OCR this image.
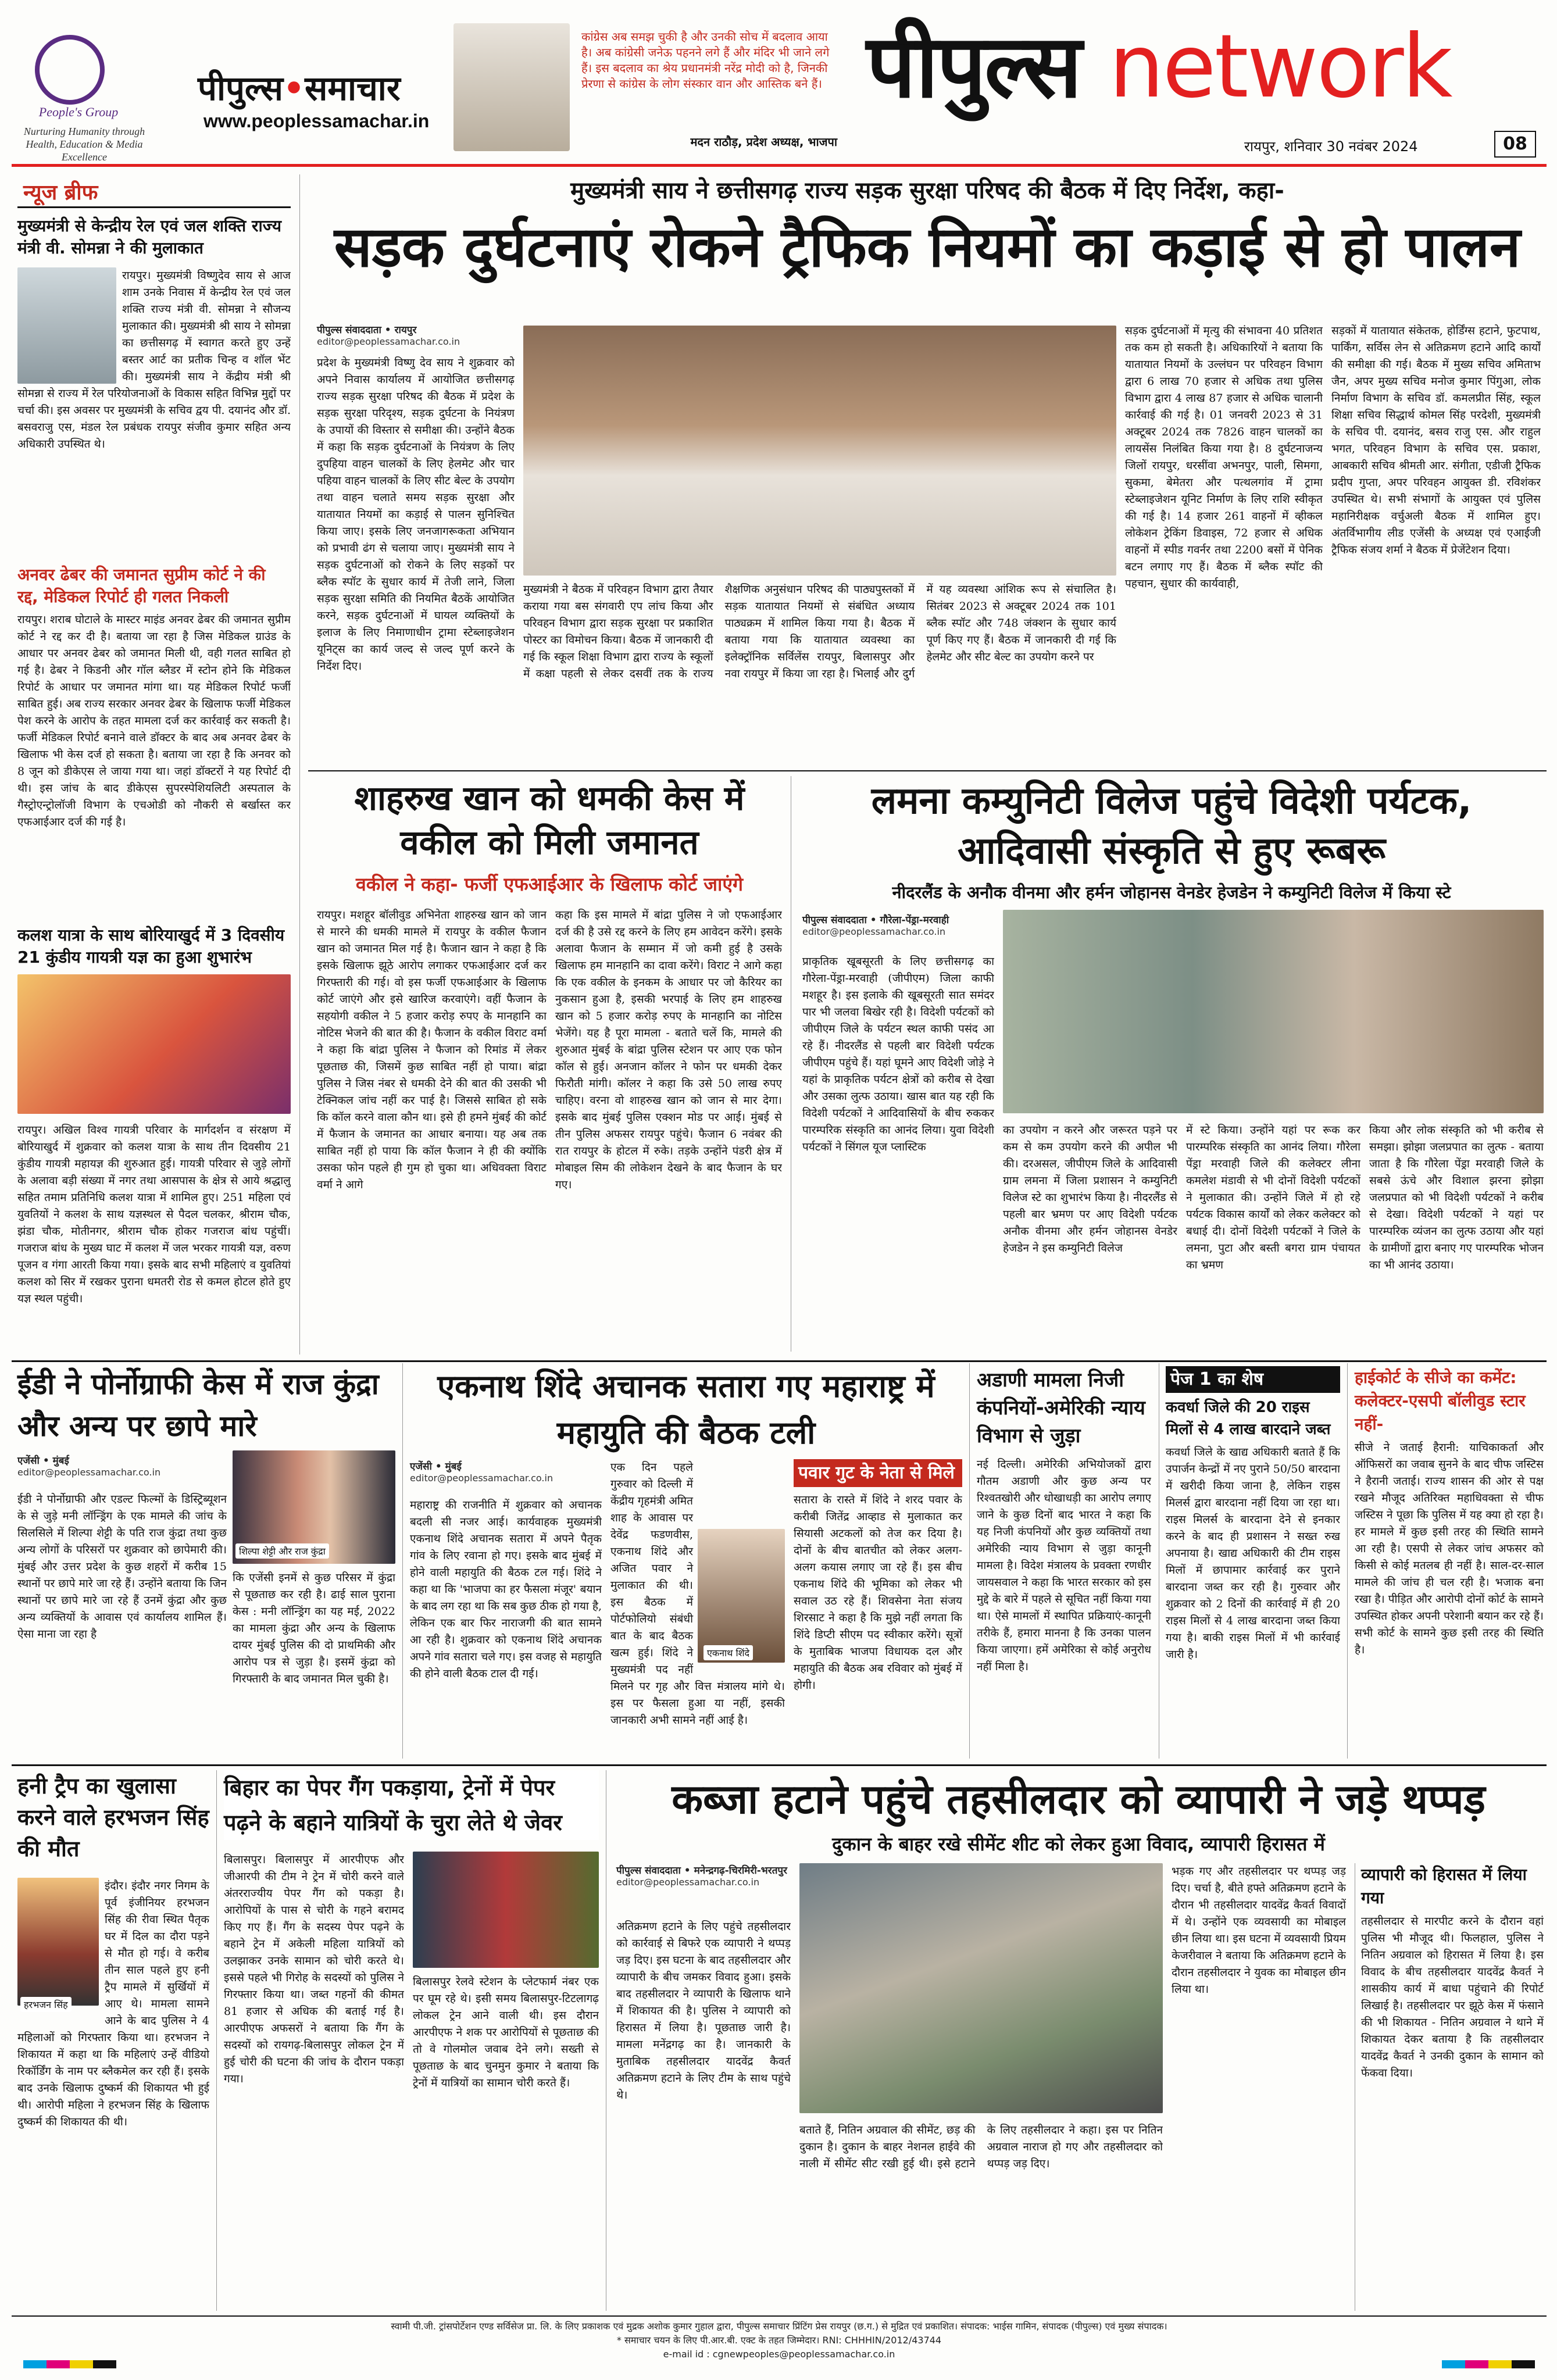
People's Group
Nurturing Humanity through Health, Education & Media Excellence
पीपुल्स•समाचार
www.peoplessamachar.in
कांग्रेस अब समझ चुकी है और उनकी सोच में बदलाव आया है। अब कांग्रेसी जनेऊ पहनने लगे हैं और मंदिर भी जाने लगे हैं। इस बदलाव का श्रेय प्रधानमंत्री नरेंद्र मोदी को है, जिनकी प्रेरणा से कांग्रेस के लोग संस्कार वान और आस्तिक बने हैं।
मदन राठौड़, प्रदेश अध्यक्ष, भाजपा
पीपुल्स network
रायपुर, शनिवार 30 नवंबर 2024	08
न्यूज ब्रीफ
मुख्यमंत्री से केन्द्रीय रेल एवं जल शक्ति राज्य मंत्री वी. सोमन्ना ने की मुलाकात
रायपुर। मुख्यमंत्री विष्णुदेव साय से आज शाम उनके निवास में केन्द्रीय रेल एवं जल शक्ति राज्य मंत्री वी. सोमन्ना ने सौजन्य मुलाकात की। मुख्यमंत्री श्री साय ने सोमन्ना का छत्तीसगढ़ में स्वागत करते हुए उन्हें बस्तर आर्ट का प्रतीक चिन्ह व शॉल भेंट की। मुख्यमंत्री साय ने केंद्रीय मंत्री श्री सोमन्ना से राज्य में रेल परियोजनाओं के विकास सहित विभिन्न मुद्दों पर चर्चा की। इस अवसर पर मुख्यमंत्री के सचिव द्वय पी. दयानंद और डॉ. बसवराजु एस, मंडल रेल प्रबंधक रायपुर संजीव कुमार सहित अन्य अधिकारी उपस्थित थे।
अनवर ढेबर की जमानत सुप्रीम कोर्ट ने की रद्द, मेडिकल रिपोर्ट ही गलत निकली
रायपुर। शराब घोटाले के मास्टर माइंड अनवर ढेबर की जमानत सुप्रीम कोर्ट ने रद्द कर दी है। बताया जा रहा है जिस मेडिकल ग्राउंड के आधार पर अनवर ढेबर को जमानत मिली थी, वही गलत साबित हो गई है। ढेबर ने किडनी और गॉल ब्लैडर में स्टोन होने कि मेडिकल रिपोर्ट के आधार पर जमानत मांगा था। यह मेडिकल रिपोर्ट फर्जी साबित हुई। अब राज्य सरकार अनवर ढेबर के खिलाफ फर्जी मेडिकल पेश करने के आरोप के तहत मामला दर्ज कर कार्रवाई कर सकती है। फर्जी मेडिकल रिपोर्ट बनाने वाले डॉक्टर के बाद अब अनवर ढेबर के खिलाफ भी केस दर्ज हो सकता है। बताया जा रहा है कि अनवर को 8 जून को डीकेएस ले जाया गया था। जहां डॉक्टरों ने यह रिपोर्ट दी थी। इस जांच के बाद डीकेएस सुपरस्पेशियलिटी अस्पताल के गैस्ट्रोएन्ट्रोलॉजी विभाग के एचओडी को नौकरी से बर्खास्त कर एफआईआर दर्ज की गई है।
कलश यात्रा के साथ बोरियाखुर्द में 3 दिवसीय 21 कुंडीय गायत्री यज्ञ का हुआ शुभारंभ
रायपुर। अखिल विश्व गायत्री परिवार के मार्गदर्शन व संरक्षण में बोरियाखुर्द में शुक्रवार को कलश यात्रा के साथ तीन दिवसीय 21 कुंडीय गायत्री महायज्ञ की शुरुआत हुई। गायत्री परिवार से जुड़े लोगों के अलावा बड़ी संख्या में नगर तथा आसपास के क्षेत्र से आये श्रद्धालु सहित तमाम प्रतिनिधि कलश यात्रा में शामिल हुए। 251 महिला एवं युवतियों ने कलश के साथ यज्ञस्थल से पैदल चलकर, श्रीराम चौक, झंडा चौक, मोतीनगर, श्रीराम चौक होकर गजराज बांध पहुंचीं। गजराज बांध के मुख्य घाट में कलश में जल भरकर गायत्री यज्ञ, वरुण पूजन व गंगा आरती किया गया। इसके बाद सभी महिलाएं व युवतियां कलश को सिर में रखकर पुराना धमतरी रोड से कमल होटल होते हुए यज्ञ स्थल पहुंची।
मुख्यमंत्री साय ने छत्तीसगढ़ राज्य सड़क सुरक्षा परिषद की बैठक में दिए निर्देश, कहा-
सड़क दुर्घटनाएं रोकने ट्रैफिक नियमों का कड़ाई से हो पालन
पीपुल्स संवाददाता • रायपुर
editor@peoplessamachar.co.in
प्रदेश के मुख्यमंत्री विष्णु देव साय ने शुक्रवार को अपने निवास कार्यालय में आयोजित छत्तीसगढ़ राज्य सड़क सुरक्षा परिषद की बैठक में प्रदेश के सड़क सुरक्षा परिदृश्य, सड़क दुर्घटना के नियंत्रण के उपायों की विस्तार से समीक्षा की। उन्होंने बैठक में कहा कि सड़क दुर्घटनाओं के नियंत्रण के लिए दुपहिया वाहन चालकों के लिए हेलमेट और चार पहिया वाहन चालकों के लिए सीट बेल्ट के उपयोग तथा वाहन चलाते समय सड़क सुरक्षा और यातायात नियमों का कड़ाई से पालन सुनिश्चित किया जाए। इसके लिए जनजागरूकता अभियान को प्रभावी ढंग से चलाया जाए। मुख्यमंत्री साय ने सड़क दुर्घटनाओं को रोकने के लिए सड़कों पर ब्लैक स्पॉट के सुधार कार्य में तेजी लाने, जिला सड़क सुरक्षा समिति की नियमित बैठकें आयोजित करने, सड़क दुर्घटनाओं में घायल व्यक्तियों के इलाज के लिए निमाणाधीन ट्रामा स्टेब्लाइजेशन यूनिट्स का कार्य जल्द से जल्द पूर्ण करने के निर्देश दिए।
मुख्यमंत्री ने बैठक में परिवहन विभाग द्वारा तैयार कराया गया बस संगवारी एप लांच किया और परिवहन विभाग द्वारा सड़क सुरक्षा पर प्रकाशित पोस्टर का विमोचन किया। बैठक में जानकारी दी गई कि स्कूल शिक्षा विभाग द्वारा राज्य के स्कूलों में कक्षा पहली से लेकर दसवीं तक के राज्य शैक्षणिक अनुसंधान परिषद की पाठ्यपुस्तकों में सड़क यातायात नियमों से संबंधित अध्याय पाठ्यक्रम में शामिल किया गया है। बैठक में बताया गया कि यातायात व्यवस्था का इलेक्ट्रॉनिक सर्विलेंस रायपुर, बिलासपुर और नवा रायपुर में किया जा रहा है। भिलाई और दुर्ग में यह व्यवस्था आंशिक रूप से संचालित है। सितंबर 2023 से अक्टूबर 2024 तक 101 ब्लैक स्पॉट और 748 जंक्शन के सुधार कार्य पूर्ण किए गए हैं। बैठक में जानकारी दी गई कि हेलमेट और सीट बेल्ट का उपयोग करने पर
सड़क दुर्घटनाओं में मृत्यु की संभावना 40 प्रतिशत तक कम हो सकती है। अधिकारियों ने बताया कि यातायात नियमों के उल्लंघन पर परिवहन विभाग द्वारा 6 लाख 70 हजार से अधिक तथा पुलिस विभाग द्वारा 4 लाख 87 हजार से अधिक चालानी कार्रवाई की गई है। 01 जनवरी 2023 से 31 अक्टूबर 2024 तक 7826 वाहन चालकों का लायसेंस निलंबित किया गया है। 8 दुर्घटनाजन्य जिलों रायपुर, धरसींवा अभनपुर, पाली, सिमगा, सुकमा, बेमेतरा और पत्थलगांव में ट्रामा स्टेब्लाइजेशन यूनिट निर्माण के लिए राशि स्वीकृत की गई है। 14 हजार 261 वाहनों में व्हीकल लोकेशन ट्रेकिंग डिवाइस, 72 हजार से अधिक वाहनों में स्पीड गवर्नर तथा 2200 बसों में पेनिक बटन लगाए गए हैं। बैठक में ब्लैक स्पॉट की पहचान, सुधार की कार्यवाही,
सड़कों में यातायात संकेतक, होर्डिंग्स हटाने, फुटपाथ, पार्किंग, सर्विस लेन से अतिक्रमण हटाने आदि कार्यों की समीक्षा की गई। बैठक में मुख्य सचिव अमिताभ जैन, अपर मुख्य सचिव मनोज कुमार पिंगुआ, लोक निर्माण विभाग के सचिव डॉ. कमलप्रीत सिंह, स्कूल शिक्षा सचिव सिद्धार्थ कोमल सिंह परदेशी, मुख्यमंत्री के सचिव पी. दयानंद, बसव राजु एस. और राहुल भगत, परिवहन विभाग के सचिव एस. प्रकाश, आबकारी सचिव श्रीमती आर. संगीता, एडीजी ट्रैफिक प्रदीप गुप्ता, अपर परिवहन आयुक्त डी. रविशंकर उपस्थित थे। सभी संभागों के आयुक्त एवं पुलिस महानिरीक्षक वर्चुअली बैठक में शामिल हुए। अंतर्विभागीय लीड एजेंसी के अध्यक्ष एवं एआईजी ट्रैफिक संजय शर्मा ने बैठक में प्रेजेंटेशन दिया।
शाहरुख खान को धमकी केस में वकील को मिली जमानत
वकील ने कहा- फर्जी एफआईआर के खिलाफ कोर्ट जाएंगे
रायपुर। मशहूर बॉलीवुड अभिनेता शाहरुख खान को जान से मारने की धमकी मामले में रायपुर के वकील फैजान खान को जमानत मिल गई है। फैजान खान ने कहा है कि इसके खिलाफ झूठे आरोप लगाकर एफआईआर दर्ज कर गिरफ्तारी की गई। वो इस फर्जी एफआईआर के खिलाफ कोर्ट जाएंगे और इसे खारिज करवाएंगे। वहीं फैजान के सहयोगी वकील ने 5 हजार करोड़ रुपए के मानहानि का नोटिस भेजने की बात की है। फैजान के वकील विराट वर्मा ने कहा कि बांद्रा पुलिस ने फैजान को रिमांड में लेकर पूछताछ की, जिसमें कुछ साबित नहीं हो पाया। बांद्रा पुलिस ने जिस नंबर से धमकी देने की बात की उसकी भी टेक्निकल जांच नहीं कर पाई है। जिससे साबित हो सके कि कॉल करने वाला कौन था। इसे ही हमने मुंबई की कोर्ट में फैजान के जमानत का आधार बनाया। यह अब तक साबित नहीं हो पाया कि कॉल फैजान ने ही की क्योंकि उसका फोन पहले ही गुम हो चुका था। अधिवक्ता विराट वर्मा ने आगे
कहा कि इस मामले में बांद्रा पुलिस ने जो एफआईआर दर्ज की है उसे रद्द करने के लिए हम आवेदन करेंगे। इसके अलावा फैजान के सम्मान में जो कमी हुई है उसके खिलाफ हम मानहानि का दावा करेंगे। विराट ने आगे कहा कि एक वकील के इनकम के आधार पर जो कैरियर का नुकसान हुआ है, इसकी भरपाई के लिए हम शाहरुख खान को 5 हजार करोड़ रुपए के मानहानि का नोटिस भेजेंगे। यह है पूरा मामला - बताते चलें कि, मामले की शुरुआत मुंबई के बांद्रा पुलिस स्टेशन पर आए एक फोन कॉल से हुई। अनजान कॉलर ने फोन पर धमकी देकर फिरौती मांगी। कॉलर ने कहा कि उसे 50 लाख रुपए चाहिए। वरना वो शाहरुख खान को जान से मार देगा। इसके बाद मुंबई पुलिस एक्शन मोड पर आई। मुंबई से तीन पुलिस अफसर रायपुर पहुंचे। फैजान 6 नवंबर की रात रायपुर के होटल में रुके। तड़के उन्होंने पंडरी क्षेत्र में मोबाइल सिम की लोकेशन देखने के बाद फैजान के घर गए।
लमना कम्युनिटी विलेज पहुंचे विदेशी पर्यटक, आदिवासी संस्कृति से हुए रूबरू
नीदरलैंड के अनौक वीनमा और हर्मन जोहानस वेनडेर हेजडेन ने कम्युनिटी विलेज में किया स्टे
पीपुल्स संवाददाता • गौरेला-पेंड्रा-मरवाही
editor@peoplessamachar.co.in
प्राकृतिक खूबसूरती के लिए छत्तीसगढ़ का गौरेला-पेंड्रा-मरवाही (जीपीएम) जिला काफी मशहूर है। इस इलाके की खूबसूरती सात समंदर पार भी जलवा बिखेर रही है। विदेशी पर्यटकों को जीपीएम जिले के पर्यटन स्थल काफी पसंद आ रहे हैं। नीदरलैंड से पहली बार विदेशी पर्यटक जीपीएम पहुंचे हैं। यहां घूमने आए विदेशी जोड़े ने यहां के प्राकृतिक पर्यटन क्षेत्रों को करीब से देखा और उसका लुत्फ उठाया। खास बात यह रही कि विदेशी पर्यटकों ने आदिवासियों के बीच रुककर पारम्परिक संस्कृति का आनंद लिया। युवा विदेशी पर्यटकों ने सिंगल यूज प्लास्टिक
का उपयोग न करने और जरूरत पड़ने पर कम से कम उपयोग करने की अपील भी की। दरअसल, जीपीएम जिले के आदिवासी ग्राम लमना में जिला प्रशासन ने कम्युनिटी विलेज स्टे का शुभारंभ किया है। नीदरलैंड से पहली बार भ्रमण पर आए विदेशी पर्यटक अनौक वीनमा और हर्मन जोहानस वेनडेर हेजडेन ने इस कम्युनिटी विलेज
में स्टे किया। उन्होंने यहां पर रूक कर पारम्परिक संस्कृति का आनंद लिया। गौरेला पेंड्रा मरवाही जिले की कलेक्टर लीना कमलेश मंडावी से भी दोनों विदेशी पर्यटकों ने मुलाकात की। उन्होंने जिले में हो रहे पर्यटक विकास कार्यों को लेकर कलेक्टर को बधाई दी। दोनों विदेशी पर्यटकों ने जिले के लमना, पुटा और बस्ती बगरा ग्राम पंचायत का भ्रमण
किया और लोक संस्कृति को भी करीब से समझा। झोझा जलप्रपात का लुत्फ - बताया जाता है कि गौरेला पेंड्रा मरवाही जिले के सबसे ऊंचे और विशाल झरना झोझा जलप्रपात को भी विदेशी पर्यटकों ने करीब से देखा। विदेशी पर्यटकों ने यहां पर पारम्परिक व्यंजन का लुत्फ उठाया और यहां के ग्रामीणों द्वारा बनाए गए पारम्परिक भोजन का भी आनंद उठाया।
ईडी ने पोर्नोग्राफी केस में राज कुंद्रा और अन्य पर छापे मारे
एजेंसी • मुंबई
editor@peoplessamachar.co.in
ईडी ने पोर्नोग्राफी और एडल्ट फिल्मों के डिस्ट्रिब्यूशन के से जुड़े मनी लॉन्ड्रिंग के एक मामले की जांच के सिलसिले में शिल्पा शेट्टी के पति राज कुंद्रा तथा कुछ अन्य लोगों के परिसरों पर शुक्रवार को छापेमारी की। मुंबई और उत्तर प्रदेश के कुछ शहरों में करीब 15 स्थानों पर छापे मारे जा रहे हैं। उन्होंने बताया कि जिन स्थानों पर छापे मारे जा रहे हैं उनमें कुंद्रा और कुछ अन्य व्यक्तियों के आवास एवं कार्यालय शामिल हैं। ऐसा माना जा रहा है
शिल्पा शेट्टी और राज कुंद्रा
कि एजेंसी इनमें से कुछ परिसर में कुंद्रा से पूछताछ कर रही है। ढाई साल पुराना केस : मनी लॉन्ड्रिंग का यह मई, 2022 का मामला कुंद्रा और अन्य के खिलाफ दायर मुंबई पुलिस की दो प्राथमिकी और आरोप पत्र से जुड़ा है। इसमें कुंद्रा को गिरफ्तारी के बाद जमानत मिल चुकी है।
एकनाथ शिंदे अचानक सतारा गए महाराष्ट्र में महायुति की बैठक टली
एजेंसी • मुंबई
editor@peoplessamachar.co.in
महाराष्ट्र की राजनीति में शुक्रवार को अचानक बदली सी नजर आई। कार्यवाहक मुख्यमंत्री एकनाथ शिंदे अचानक सतारा में अपने पैतृक गांव के लिए रवाना हो गए। इसके बाद मुंबई में होने वाली महायुति की बैठक टल गई। शिंदे ने कहा था कि 'भाजपा का हर फैसला मंजूर' बयान के बाद लग रहा था कि सब कुछ ठीक हो गया है, लेकिन एक बार फिर नाराजगी की बात सामने आ रही है। शुक्रवार को एकनाथ शिंदे अचानक अपने गांव सतारा चले गए। इस वजह से महायुति की होने वाली बैठक टाल दी गई।
एक दिन पहले गुरुवार को दिल्ली में केंद्रीय गृहमंत्री अमित शाह के आवास पर देवेंद्र फडणवीस, एकनाथ शिंदे और अजित पवार ने मुलाकात की थी। इस बैठक में पोर्टफोलियो संबंधी बात के बाद बैठक खत्म हुई। शिंदे ने मुख्यमंत्री पद नहीं मिलने पर गृह और वित्त मंत्रालय मांगे थे। इस पर फैसला हुआ या नहीं, इसकी जानकारी अभी सामने नहीं आई है।
एकनाथ शिंदे
पवार गुट के नेता से मिले
सतारा के रास्ते में शिंदे ने शरद पवार के करीबी जितेंद्र आव्हाड से मुलाकात कर सियासी अटकलों को तेज कर दिया है। दोनों के बीच बातचीत को लेकर अलग-अलग कयास लगाए जा रहे हैं। इस बीच एकनाथ शिंदे की भूमिका को लेकर भी सवाल उठ रहे हैं। शिवसेना नेता संजय शिरसाट ने कहा है कि मुझे नहीं लगता कि शिंदे डिप्टी सीएम पद स्वीकार करेंगे। सूत्रों के मुताबिक भाजपा विधायक दल और महायुति की बैठक अब रविवार को मुंबई में होगी।
अडाणी मामला निजी कंपनियों-अमेरिकी न्याय विभाग से जुड़ा
नई दिल्ली। अमेरिकी अभियोजकों द्वारा गौतम अडाणी और कुछ अन्य पर रिश्वतखोरी और धोखाधड़ी का आरोप लगाए जाने के कुछ दिनों बाद भारत ने कहा कि यह निजी कंपनियों और कुछ व्यक्तियों तथा अमेरिकी न्याय विभाग से जुड़ा कानूनी मामला है। विदेश मंत्रालय के प्रवक्ता रणधीर जायसवाल ने कहा कि भारत सरकार को इस मुद्दे के बारे में पहले से सूचित नहीं किया गया था। ऐसे मामलों में स्थापित प्रक्रियाएं-कानूनी तरीके हैं, हमारा मानना है कि उनका पालन किया जाएगा। हमें अमेरिका से कोई अनुरोध नहीं मिला है।
पेज 1 का शेष
कवर्धा जिले की 20 राइस मिलों से 4 लाख बारदाने जब्त
कवर्धा जिले के खाद्य अधिकारी बताते हैं कि उपार्जन केन्द्रों में नए पुराने 50/50 बारदाना में खरीदी किया जाना है, लेकिन राइस मिलर्स द्वारा बारदाना नहीं दिया जा रहा था। राइस मिलर्स के बारदाना देने से इनकार करने के बाद ही प्रशासन ने सख्त रुख अपनाया है। खाद्य अधिकारी की टीम राइस मिलों में छापामार कार्रवाई कर पुराने बारदाना जब्त कर रही है। गुरुवार और शुक्रवार को 2 दिनों की कार्रवाई में ही 20 राइस मिलों से 4 लाख बारदाना जब्त किया गया है। बाकी राइस मिलों में भी कार्रवाई जारी है।
हाईकोर्ट के सीजे का कमेंट: कलेक्टर-एसपी बॉलीवुड स्टार नहीं-
सीजे ने जताई हैरानी: याचिकाकर्ता और ऑफिसरों का जवाब सुनने के बाद चीफ जस्टिस ने हैरानी जताई। राज्य शासन की ओर से पक्ष रखने मौजूद अतिरिक्त महाधिवक्ता से चीफ जस्टिस ने पूछा कि पुलिस में यह क्या हो रहा है। हर मामले में कुछ इसी तरह की स्थिति सामने आ रही है। एसपी से लेकर जांच अफसर को किसी से कोई मतलब ही नहीं है। साल-दर-साल मामले की जांच ही चल रही है। भजाक बना रखा है। पीड़ित और आरोपी दोनों कोर्ट के सामने उपस्थित होकर अपनी परेशानी बयान कर रहे हैं। सभी कोर्ट के सामने कुछ इसी तरह की स्थिति है।
हनी ट्रैप का खुलासा करने वाले हरभजन सिंह की मौत
हरभजन सिंह
इंदौर। इंदौर नगर निगम के पूर्व इंजीनियर हरभजन सिंह की रीवा स्थित पैतृक घर में दिल का दौरा पड़ने से मौत हो गई। वे करीब तीन साल पहले हुए हनी ट्रैप मामले में सुर्खियों में आए थे। मामला सामने आने के बाद पुलिस ने 4 महिलाओं को गिरफ्तार किया था। हरभजन ने शिकायत में कहा था कि महिलाएं उन्हें वीडियो रिकॉर्डिंग के नाम पर ब्लैकमेल कर रही हैं। इसके बाद उनके खिलाफ दुष्कर्म की शिकायत भी हुई थी। आरोपी महिला ने हरभजन सिंह के खिलाफ दुष्कर्म की शिकायत की थी।
बिहार का पेपर गैंग पकड़ाया, ट्रेनों में पेपर पढ़ने के बहाने यात्रियों के चुरा लेते थे जेवर
बिलासपुर। बिलासपुर में आरपीएफ और जीआरपी की टीम ने ट्रेन में चोरी करने वाले अंतरराज्यीय पेपर गैंग को पकड़ा है। आरोपियों के पास से चोरी के गहने बरामद किए गए हैं। गैंग के सदस्य पेपर पढ़ने के बहाने ट्रेन में अकेली महिला यात्रियों को उलझाकर उनके सामान को चोरी करते थे। इससे पहले भी गिरोह के सदस्यों को पुलिस ने गिरफ्तार किया था। जब्त गहनों की कीमत 81 हजार से अधिक की बताई गई है। आरपीएफ अफसरों ने बताया कि गैंग के सदस्यों को रायगढ़-बिलासपुर लोकल ट्रेन में हुई चोरी की घटना की जांच के दौरान पकड़ा गया।
बिलासपुर रेलवे स्टेशन के प्लेटफार्म नंबर एक पर घूम रहे थे। इसी समय बिलासपुर-टिटलागढ़ लोकल ट्रेन आने वाली थी। इस दौरान आरपीएफ ने शक पर आरोपियों से पूछताछ की तो वे गोलमोल जवाब देने लगे। सख्ती से पूछताछ के बाद चुनमुन कुमार ने बताया कि ट्रेनों में यात्रियों का सामान चोरी करते हैं।
कब्जा हटाने पहुंचे तहसीलदार को व्यापारी ने जड़े थप्पड़
दुकान के बाहर रखे सीमेंट शीट को लेकर हुआ विवाद, व्यापारी हिरासत में
पीपुल्स संवाददाता • मनेन्द्रगढ़-चिरमिरी-भरतपुर
editor@peoplessamachar.co.in
अतिक्रमण हटाने के लिए पहुंचे तहसीलदार को कार्रवाई से बिफरे एक व्यापारी ने थप्पड़ जड़ दिए। इस घटना के बाद तहसीलदार और व्यापारी के बीच जमकर विवाद हुआ। इसके बाद तहसीलदार ने व्यापारी के खिलाफ थाने में शिकायत की है। पुलिस ने व्यापारी को हिरासत में लिया है। पूछताछ जारी है। मामला मनेंद्रगढ़ का है। जानकारी के मुताबिक तहसीलदार यादवेंद्र कैवर्त अतिक्रमण हटाने के लिए टीम के साथ पहुंचे थे।
बताते हैं, नितिन अग्रवाल की सीमेंट, छड़ की दुकान है। दुकान के बाहर नेशनल हाईवे की नाली में सीमेंट सीट रखी हुई थी। इसे हटाने के लिए तहसीलदार ने कहा। इस पर नितिन अग्रवाल नाराज हो गए और तहसीलदार को थप्पड़ जड़ दिए।
भड़क गए और तहसीलदार पर थप्पड़ जड़ दिए। चर्चा है, बीते हफ्ते अतिक्रमण हटाने के दौरान भी तहसीलदार यादवेंद्र कैवर्त विवादों में थे। उन्होंने एक व्यवसायी का मोबाइल छीन लिया था। इस घटना में व्यवसायी प्रियम केजरीवाल ने बताया कि अतिक्रमण हटाने के दौरान तहसीलदार ने युवक का मोबाइल छीन लिया था।
व्यापारी को हिरासत में लिया गया
तहसीलदार से मारपीट करने के दौरान वहां पुलिस भी मौजूद थी। फिलहाल, पुलिस ने नितिन अग्रवाल को हिरासत में लिया है। इस विवाद के बीच तहसीलदार यादवेंद्र कैवर्त ने शासकीय कार्य में बाधा पहुंचाने की रिपोर्ट लिखाई है। तहसीलदार पर झूठे केस में फंसाने की भी शिकायत - नितिन अग्रवाल ने थाने में शिकायत देकर बताया है कि तहसीलदार यादवेंद्र कैवर्त ने उनकी दुकान के सामान को फेंकवा दिया।
स्वामी पी.जी. ट्रांसपोर्टेशन एण्ड सर्विसेज प्रा. लि. के लिए प्रकाशक एवं मुद्रक अशोक कुमार गुहाल द्वारा, पीपुल्स समाचार प्रिंटिंग प्रेस रायपुर (छ.ग.) से मुद्रित एवं प्रकाशित। संपादक: भाईस गामिन, संपादक (पीपुल्स) एवं मुख्य संपादक।
* समाचार चयन के लिए पी.आर.बी. एक्ट के तहत जिम्मेदार। RNI: CHHHIN/2012/43744
e-mail id : cgnewpeoples@peoplessamachar.co.in
